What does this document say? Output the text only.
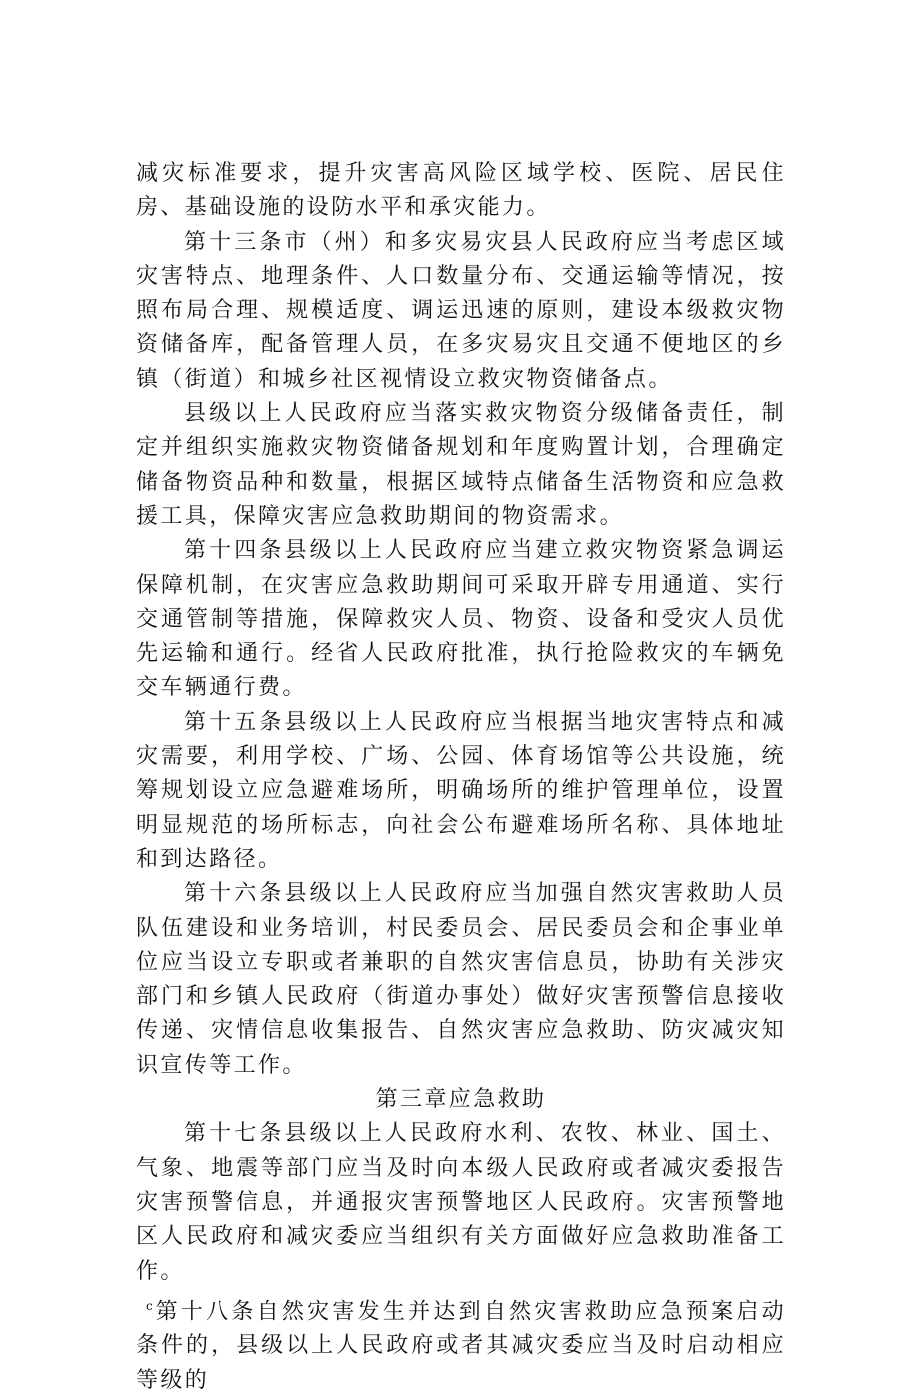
减灾标准要求，提升灾害高风险区域学校、医院、居民住房、基础设施的设防水平和承灾能力。

第十三条市（州）和多灾易灾县人民政府应当考虑区域灾害特点、地理条件、人口数量分布、交通运输等情况，按照布局合理、规模适度、调运迅速的原则，建设本级救灾物资储备库，配备管理人员，在多灾易灾且交通不便地区的乡镇（街道）和城乡社区视情设立救灾物资储备点。

县级以上人民政府应当落实救灾物资分级储备责任，制定并组织实施救灾物资储备规划和年度购置计划，合理确定储备物资品种和数量，根据区域特点储备生活物资和应急救援工具，保障灾害应急救助期间的物资需求。

第十四条县级以上人民政府应当建立救灾物资紧急调运保障机制，在灾害应急救助期间可采取开辟专用通道、实行交通管制等措施，保障救灾人员、物资、设备和受灾人员优先运输和通行。经省人民政府批准，执行抢险救灾的车辆免交车辆通行费。

第十五条县级以上人民政府应当根据当地灾害特点和减灾需要，利用学校、广场、公园、体育场馆等公共设施，统筹规划设立应急避难场所，明确场所的维护管理单位，设置明显规范的场所标志，向社会公布避难场所名称、具体地址和到达路径。

第十六条县级以上人民政府应当加强自然灾害救助人员队伍建设和业务培训，村民委员会、居民委员会和企事业单位应当设立专职或者兼职的自然灾害信息员，协助有关涉灾部门和乡镇人民政府（街道办事处）做好灾害预警信息接收传递、灾情信息收集报告、自然灾害应急救助、防灾减灾知识宣传等工作。

第三章应急救助

第十七条县级以上人民政府水利、农牧、林业、国土、气象、地震等部门应当及时向本级人民政府或者减灾委报告灾害预警信息，并通报灾害预警地区人民政府。灾害预警地区人民政府和减灾委应当组织有关方面做好应急救助准备工作。

$^c$第十八条自然灾害发生并达到自然灾害救助应急预案启动条件的，县级以上人民政府或者其减灾委应当及时启动相应等级的
